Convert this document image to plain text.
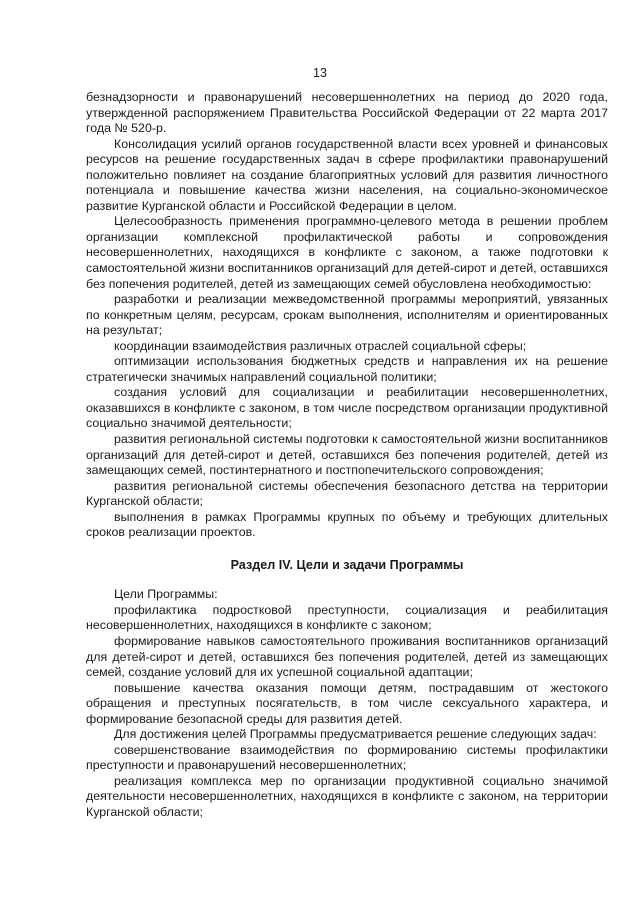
13

безнадзорности и правонарушений несовершеннолетних на период до 2020 года, утвержденной распоряжением Правительства Российской Федерации от 22 марта 2017 года № 520-р.

Консолидация усилий органов государственной власти всех уровней и финансовых ресурсов на решение государственных задач в сфере профилактики правонарушений положительно повлияет на создание благоприятных условий для развития личностного потенциала и повышение качества жизни населения, на социально-экономическое развитие Курганской области и Российской Федерации в целом.

Целесообразность применения программно-целевого метода в решении проблем организации комплексной профилактической работы и сопровождения несовершеннолетних, находящихся в конфликте с законом, а также подготовки к самостоятельной жизни воспитанников организаций для детей-сирот и детей, оставшихся без попечения родителей, детей из замещающих семей обусловлена необходимостью:

разработки и реализации межведомственной программы мероприятий, увязанных по конкретным целям, ресурсам, срокам выполнения, исполнителям и ориентированных на результат;

координации взаимодействия различных отраслей социальной сферы;

оптимизации использования бюджетных средств и направления их на решение стратегически значимых направлений социальной политики;

создания условий для социализации и реабилитации несовершеннолетних, оказавшихся в конфликте с законом, в том числе посредством организации продуктивной социально значимой деятельности;

развития региональной системы подготовки к самостоятельной жизни воспитанников организаций для детей-сирот и детей, оставшихся без попечения родителей, детей из замещающих семей, постинтернатного и постпопечительского сопровождения;

развития региональной системы обеспечения безопасного детства на территории Курганской области;

выполнения в рамках Программы крупных по объему и требующих длительных сроков реализации проектов.

Раздел IV. Цели и задачи Программы

Цели Программы:

профилактика подростковой преступности, социализация и реабилитация несовершеннолетних, находящихся в конфликте с законом;

формирование навыков самостоятельного проживания воспитанников организаций для детей-сирот и детей, оставшихся без попечения родителей, детей из замещающих семей, создание условий для их успешной социальной адаптации;

повышение качества оказания помощи детям, пострадавшим от жестокого обращения и преступных посягательств, в том числе сексуального характера, и формирование безопасной среды для развития детей.

Для достижения целей Программы предусматривается решение следующих задач:

совершенствование взаимодействия по формированию системы профилактики преступности и правонарушений несовершеннолетних;

реализация комплекса мер по организации продуктивной социально значимой деятельности несовершеннолетних, находящихся в конфликте с законом, на территории Курганской области;
